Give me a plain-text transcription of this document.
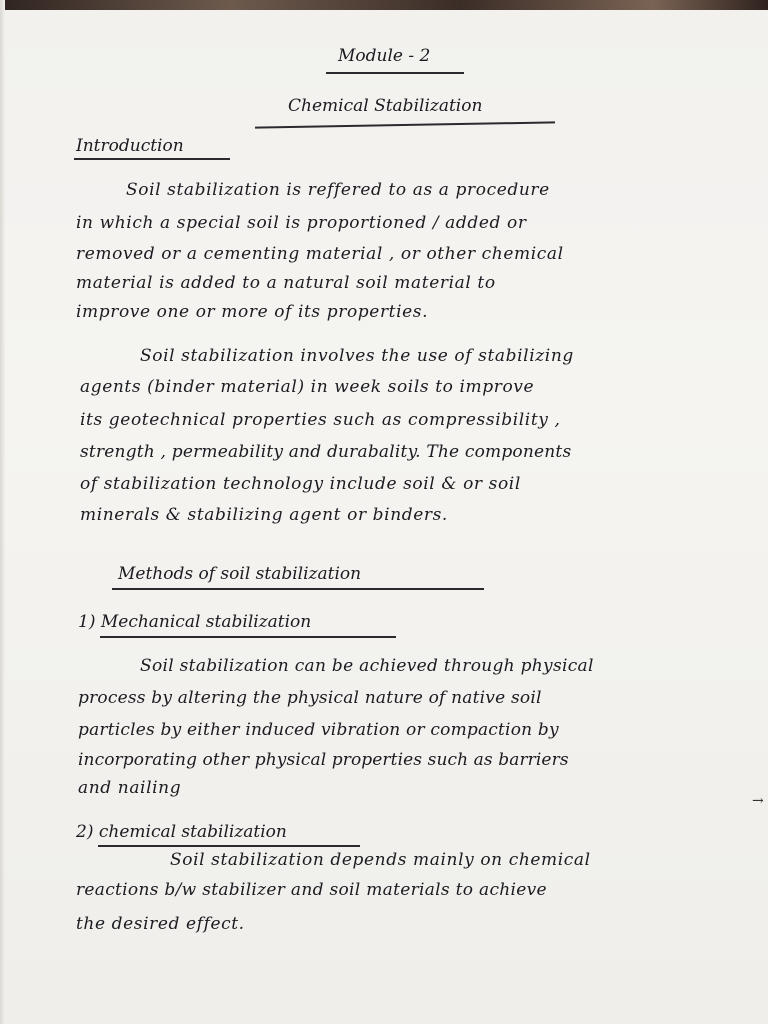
Module - 2
Chemical Stabilization
Introduction
Soil stabilization is reffered to as a procedure
in which a special soil is proportioned / added or
removed or a cementing material , or other chemical
material is added to a natural soil material to
improve one or more of its properties.
Soil stabilization involves the use of stabilizing
agents (binder material) in week soils to improve
its geotechnical properties such as compressibility ,
strength , permeability and durabality. The components
of stabilization technology include soil & or soil
minerals & stabilizing agent or binders.
Methods of soil stabilization
1) Mechanical stabilization
Soil stabilization can be achieved through physical
process by altering the physical nature of native soil
particles by either induced vibration or compaction by
incorporating other physical properties such as barriers
and nailing
→
2) chemical stabilization
Soil stabilization depends mainly on chemical
reactions b/w stabilizer and soil materials to achieve
the desired effect.
